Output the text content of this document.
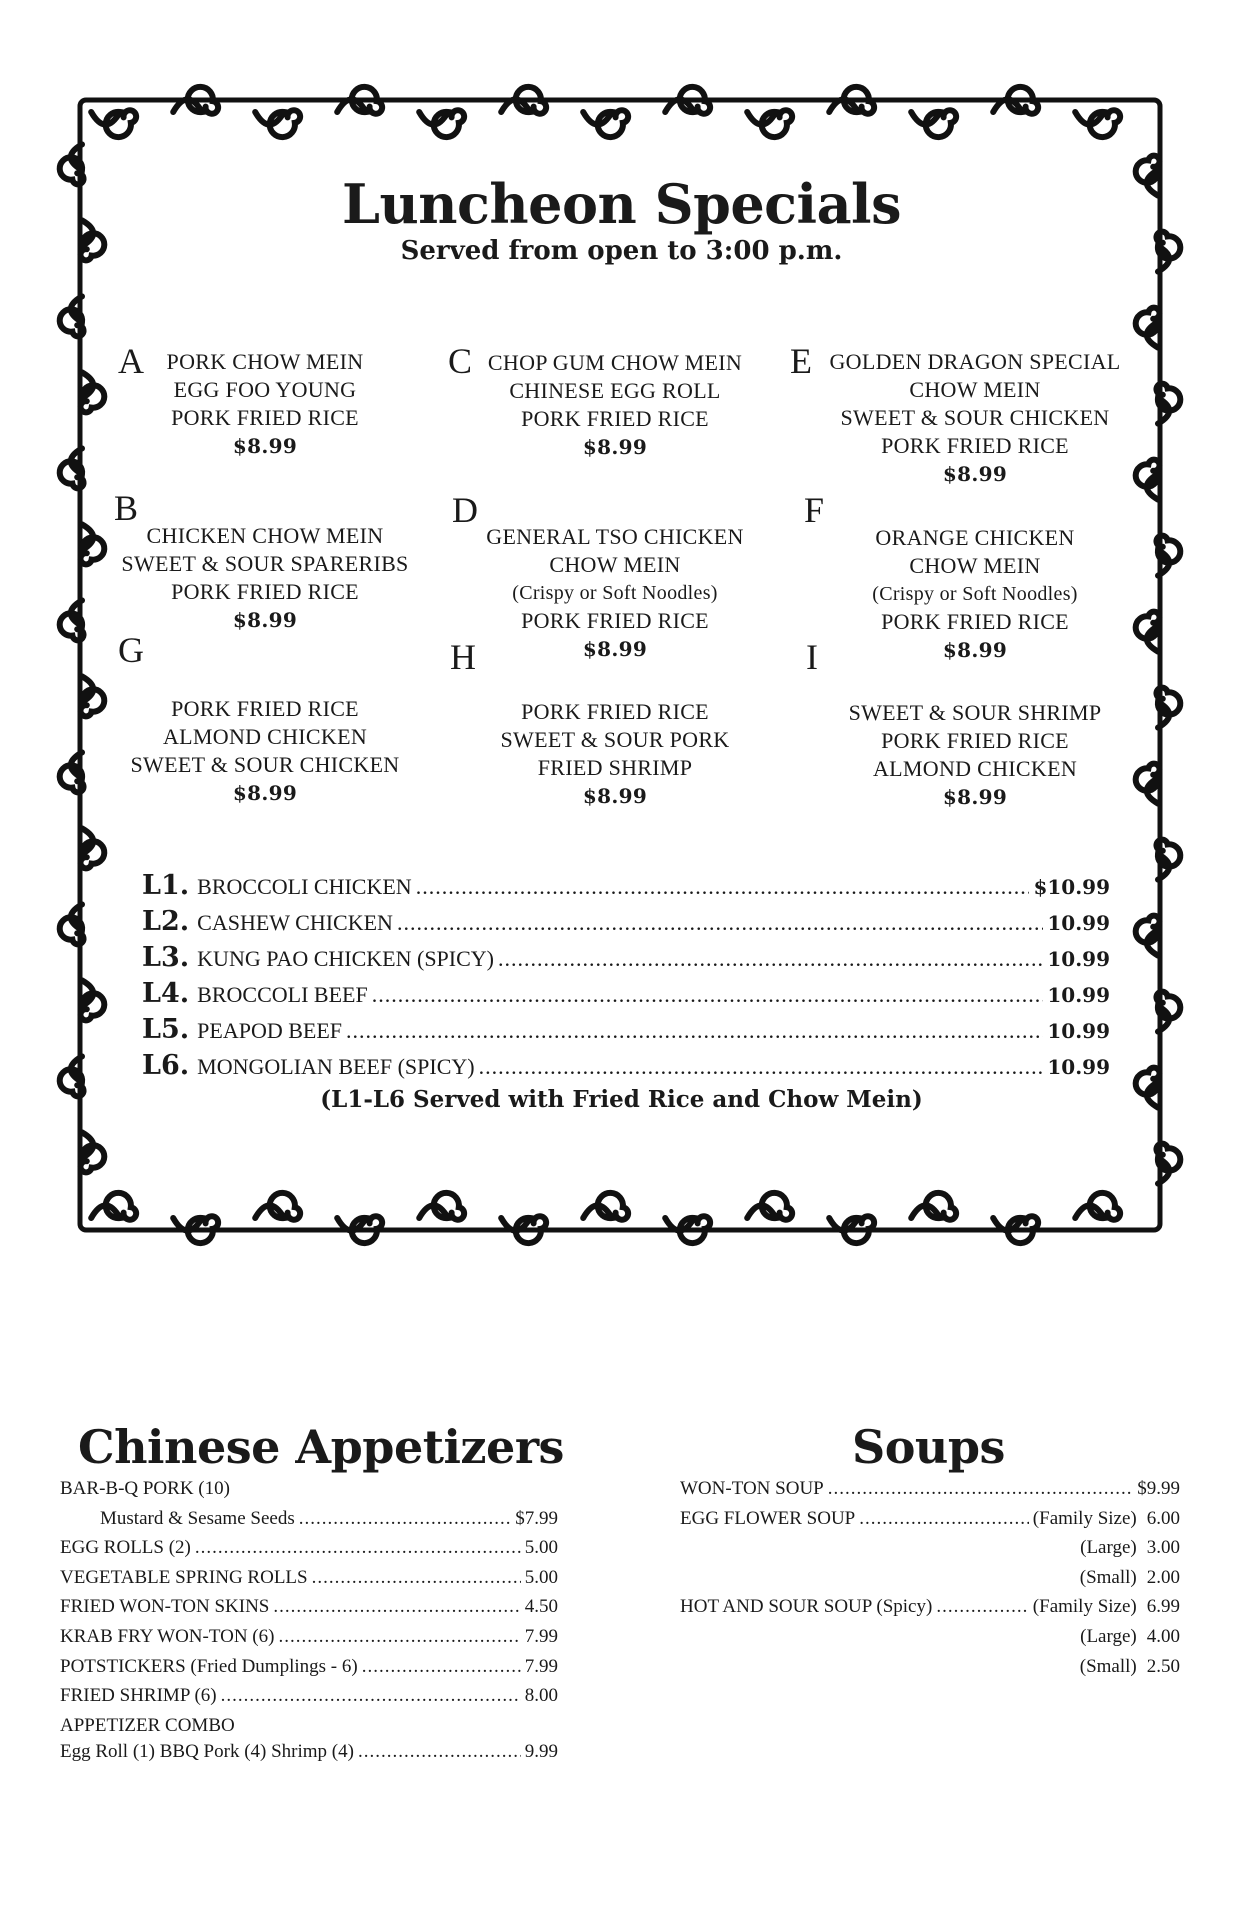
Luncheon Specials
Served from open to 3:00 p.m.
A	C	E
B	D	F
G	H	I
PORK CHOW MEIN
EGG FOO YOUNG
PORK FRIED RICE
$8.99
CHOP GUM CHOW MEIN
CHINESE EGG ROLL
PORK FRIED RICE
$8.99
GOLDEN DRAGON SPECIAL
CHOW MEIN
SWEET & SOUR CHICKEN
PORK FRIED RICE
$8.99
CHICKEN CHOW MEIN
SWEET & SOUR SPARERIBS
PORK FRIED RICE
$8.99
GENERAL TSO CHICKEN
CHOW MEIN
(Crispy or Soft Noodles)
PORK FRIED RICE
$8.99
ORANGE CHICKEN
CHOW MEIN
(Crispy or Soft Noodles)
PORK FRIED RICE
$8.99
PORK FRIED RICE
ALMOND CHICKEN
SWEET & SOUR CHICKEN
$8.99
PORK FRIED RICE
SWEET & SOUR PORK
FRIED SHRIMP
$8.99
SWEET & SOUR SHRIMP
PORK FRIED RICE
ALMOND CHICKEN
$8.99
L1. BROCCOLI CHICKEN .....	$10.99
L2. CASHEW CHICKEN .....	10.99
L3. KUNG PAO CHICKEN (SPICY) .....	10.99
L4. BROCCOLI BEEF .....	10.99
L5. PEAPOD BEEF .....	10.99
L6. MONGOLIAN BEEF (SPICY) .....	10.99
(L1-L6 Served with Fried Rice and Chow Mein)
Chinese Appetizers
BAR-B-Q PORK (10)
Mustard & Sesame Seeds .....	$7.99
EGG ROLLS (2) .....	5.00
VEGETABLE SPRING ROLLS .....	5.00
FRIED WON-TON SKINS .....	4.50
KRAB FRY WON-TON (6) .....	7.99
POTSTICKERS (Fried Dumplings - 6) .....	7.99
FRIED SHRIMP (6) .....	8.00
APPETIZER COMBO
Egg Roll (1) BBQ Pork (4) Shrimp (4) .....	9.99
Soups
WON-TON SOUP .....	$9.99
EGG FLOWER SOUP .....	(Family Size) 6.00
(Large) 3.00
(Small) 2.00
HOT AND SOUR SOUP (Spicy) .....	(Family Size) 6.99
(Large) 4.00
(Small) 2.50
